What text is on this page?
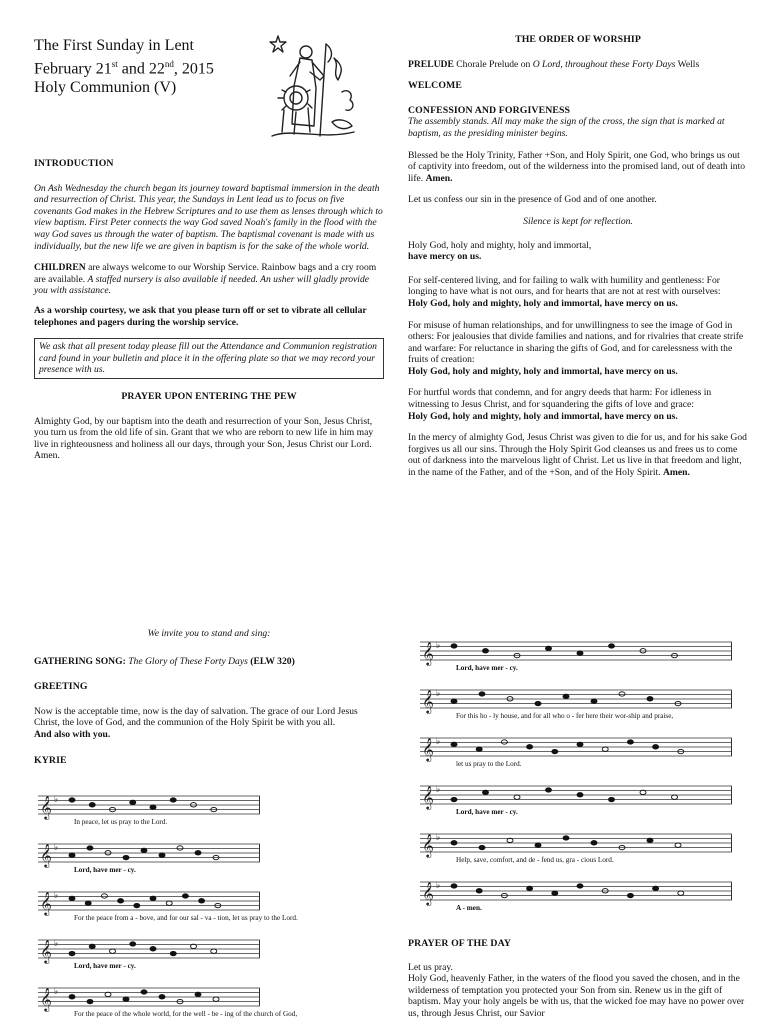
The First Sunday in Lent
February 21st and 22nd, 2015
Holy Communion (V)

INTRODUCTION

On Ash Wednesday the church began its journey toward baptismal immersion in the death and resurrection of Christ. This year, the Sundays in Lent lead us to focus on five covenants God makes in the Hebrew Scriptures and to use them as lenses through which to view baptism. First Peter connects the way God saved Noah's family in the flood with the way God saves us through the water of baptism. The baptismal covenant is made with us individually, but the new life we are given in baptism is for the sake of the whole world.

CHILDREN are always welcome to our Worship Service. Rainbow bags and a cry room are available. A staffed nursery is also available if needed. An usher will gladly provide you with assistance.

As a worship courtesy, we ask that you please turn off or set to vibrate all cellular telephones and pagers during the worship service.

We ask that all present today please fill out the Attendance and Communion registration card found in your bulletin and place it in the offering plate so that we may record your presence with us.

PRAYER UPON ENTERING THE PEW

Almighty God, by our baptism into the death and resurrection of your Son, Jesus Christ, you turn us from the old life of sin. Grant that we who are reborn to new life in him may live in righteousness and holiness all our days, through your Son, Jesus Christ our Lord. Amen.

We invite you to stand and sing:

GATHERING SONG: The Glory of These Forty Days (ELW 320)

GREETING

Now is the acceptable time, now is the day of salvation. The grace of our Lord Jesus Christ, the love of God, and the communion of the Holy Spirit be with you all.

And also with you.

KYRIE

THE ORDER OF WORSHIP

PRELUDE Chorale Prelude on O Lord, throughout these Forty Days Wells

WELCOME

CONFESSION AND FORGIVENESS

The assembly stands. All may make the sign of the cross, the sign that is marked at baptism, as the presiding minister begins.

Blessed be the Holy Trinity, Father +Son, and Holy Spirit, one God, who brings us out of captivity into freedom, out of the wilderness into the promised land, out of death into life. Amen.

Let us confess our sin in the presence of God and of one another.

Silence is kept for reflection.

Holy God, holy and mighty, holy and immortal,

have mercy on us.

For self-centered living, and for failing to walk with humility and gentleness: For longing to have what is not ours, and for hearts that are not at rest with ourselves:

Holy God, holy and mighty, holy and immortal, have mercy on us.

For misuse of human relationships, and for unwillingness to see the image of God in others: For jealousies that divide families and nations, and for rivalries that create strife and warfare: For reluctance in sharing the gifts of God, and for carelessness with the fruits of creation:

Holy God, holy and mighty, holy and immortal, have mercy on us.

For hurtful words that condemn, and for angry deeds that harm: For idleness in witnessing to Jesus Christ, and for squandering the gifts of love and grace:

Holy God, holy and mighty, holy and immortal, have mercy on us.

In the mercy of almighty God, Jesus Christ was given to die for us, and for his sake God forgives us all our sins. Through the Holy Spirit God cleanses us and frees us to come out of darkness into the marvelous light of Christ. Let us live in that freedom and light, in the name of the Father, and of the +Son, and of the Holy Spirit. Amen.

PRAYER OF THE DAY

Let us pray.

Holy God, heavenly Father, in the waters of the flood you saved the chosen, and in the wilderness of temptation you protected your Son from sin. Renew us in the gift of baptism. May your holy angels be with us, that the wicked foe may have no power over us, through Jesus Christ, our Savior

𝄞 ♭
In peace, let us pray to the Lord.
𝄞 ♭
Lord, have mer - cy.
𝄞 ♭
For the peace from a - bove, and for our sal - va - tion, let us pray to the Lord.
𝄞 ♭
Lord, have mer - cy.
𝄞 ♭
For the peace of the whole world, for the well - be - ing of the church of God,
𝄞 ♭
Lord, have mer - cy.
𝄞 ♭
For this ho - ly house, and for all who o - fer here their wor-ship and praise,
𝄞 ♭
let us pray to the Lord.
𝄞 ♭
Lord, have mer - cy.
𝄞 ♭
Help, save, comfort, and de - fend us, gra - cious Lord.
𝄞 ♭
A - men.
